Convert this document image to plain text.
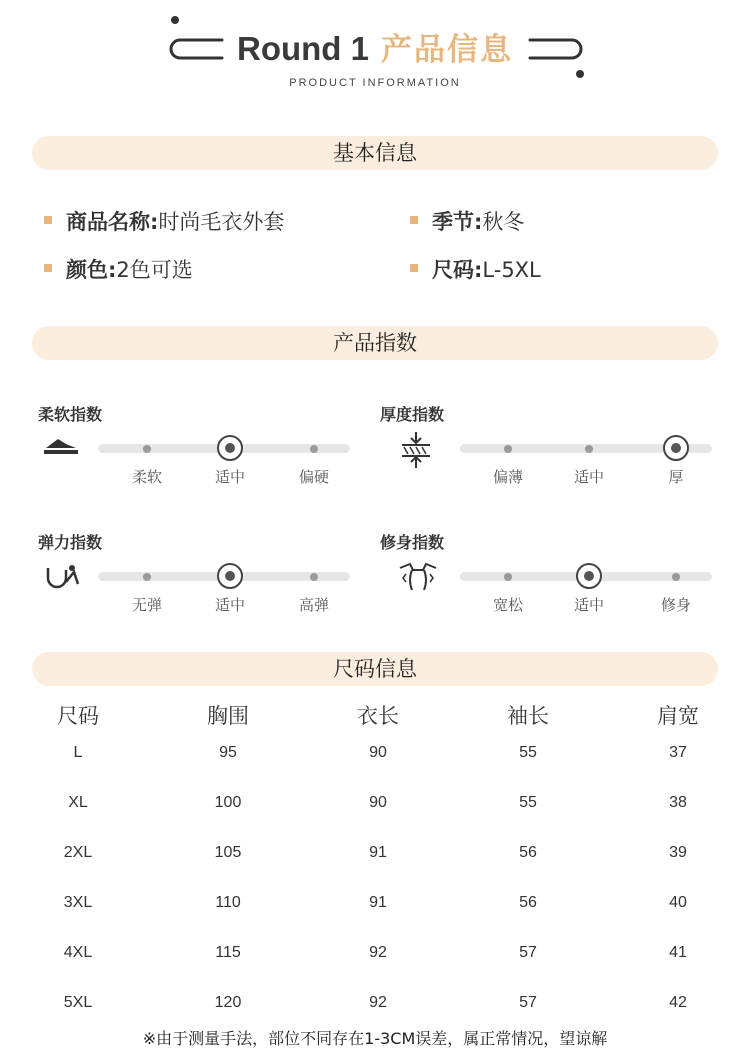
Round 1 产品信息
PRODUCT INFORMATION
基本信息
商品名称:时尚毛衣外套	季节:秋冬
颜色:2色可选	尺码:L-5XL
产品指数
柔软指数
柔软	适中	偏硬
厚度指数
偏薄	适中	厚
弹力指数
无弹	适中	高弹
修身指数
宽松	适中	修身
尺码信息
尺码	胸围	衣长	袖长	肩宽
L	95	90	55	37
XL	100	90	55	38
2XL	105	91	56	39
3XL	110	91	56	40
4XL	115	92	57	41
5XL	120	92	57	42
※由于测量手法，部位不同存在1-3CM误差，属正常情况，望谅解
